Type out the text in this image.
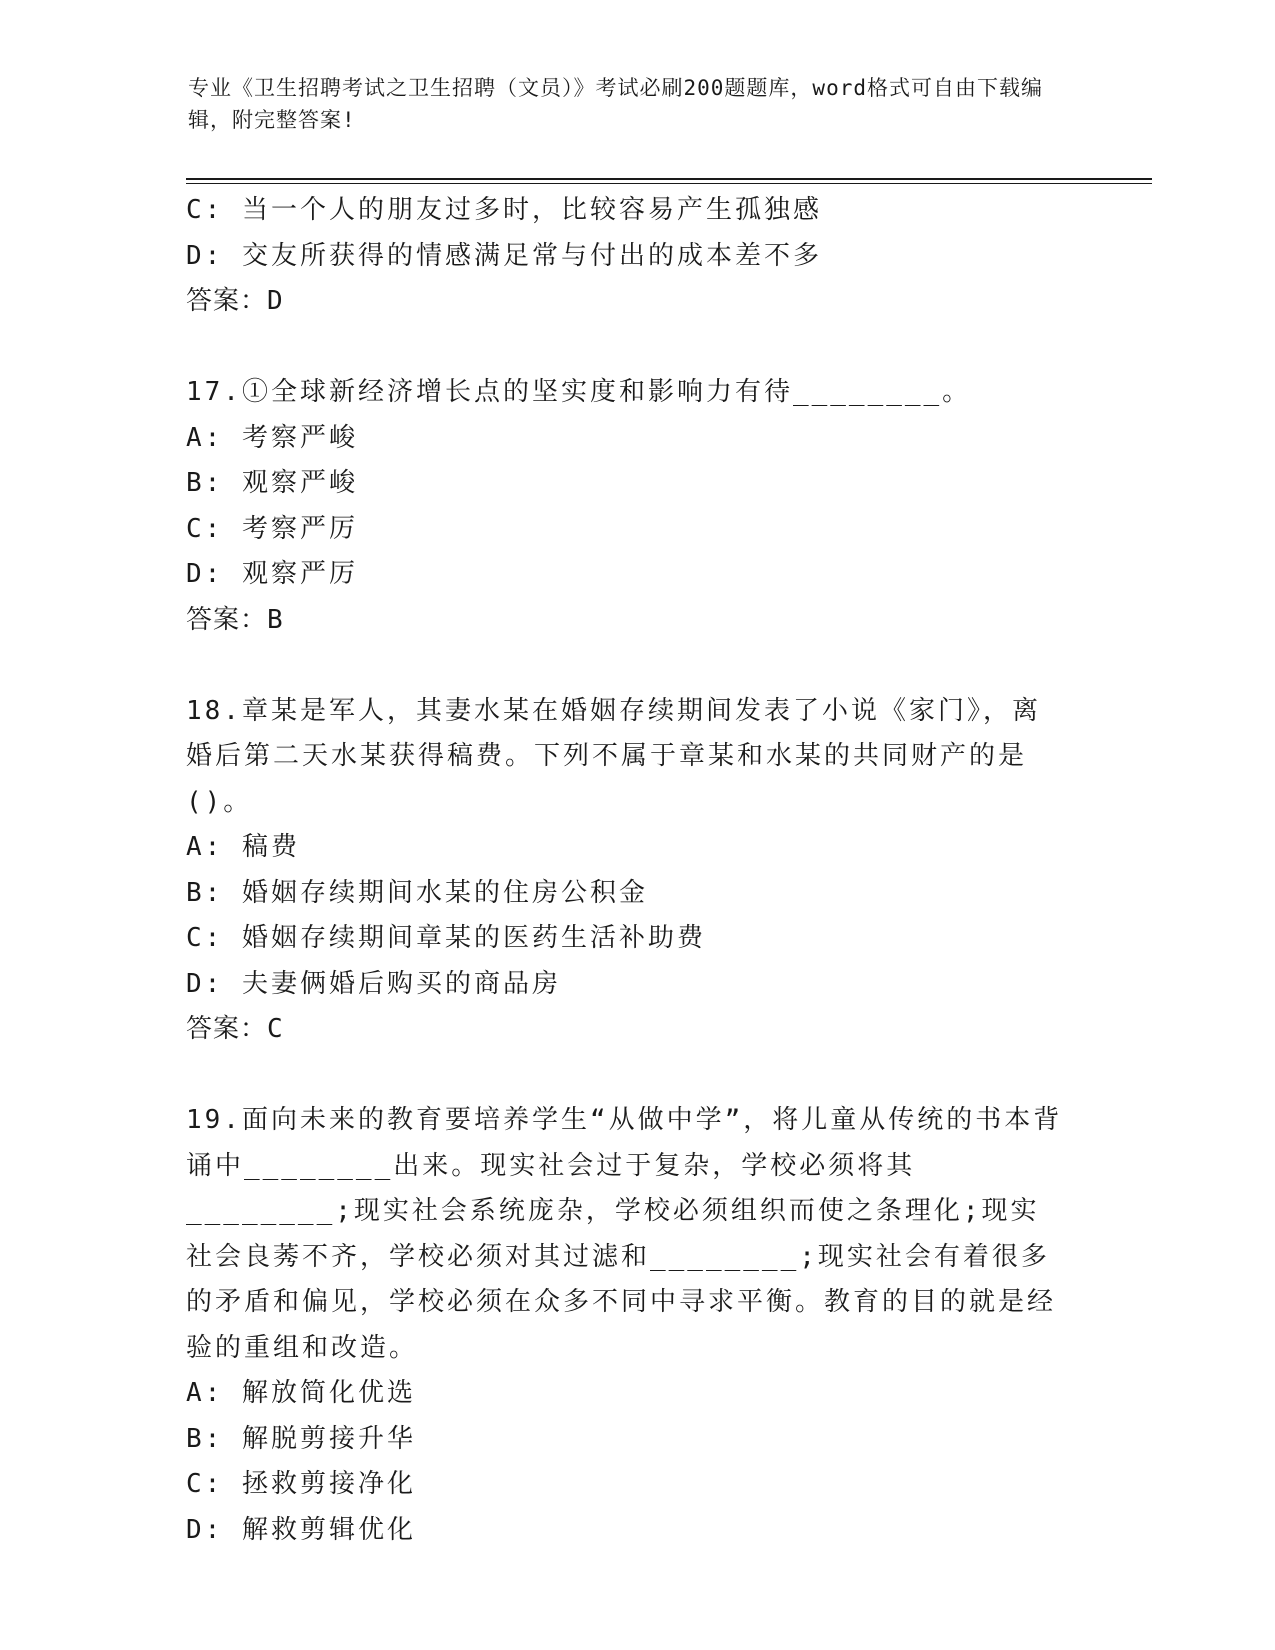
专业《卫生招聘考试之卫生招聘（文员）》考试必刷200题题库，word格式可自由下载编辑，附完整答案!

C: 当一个人的朋友过多时，比较容易产生孤独感

D: 交友所获得的情感满足常与付出的成本差不多

答案：D

17.①全球新经济增长点的坚实度和影响力有待________。

A: 考察严峻

B: 观察严峻

C: 考察严厉

D: 观察严厉

答案：B

18.章某是军人，其妻水某在婚姻存续期间发表了小说《家门》，离婚后第二天水某获得稿费。下列不属于章某和水某的共同财产的是()。

A: 稿费

B: 婚姻存续期间水某的住房公积金

C: 婚姻存续期间章某的医药生活补助费

D: 夫妻俩婚后购买的商品房

答案：C

19.面向未来的教育要培养学生“从做中学”，将儿童从传统的书本背诵中________出来。现实社会过于复杂，学校必须将其________;现实社会系统庞杂，学校必须组织而使之条理化;现实社会良莠不齐，学校必须对其过滤和________;现实社会有着很多的矛盾和偏见，学校必须在众多不同中寻求平衡。教育的目的就是经验的重组和改造。

A: 解放简化优选

B: 解脱剪接升华

C: 拯救剪接净化

D: 解救剪辑优化
